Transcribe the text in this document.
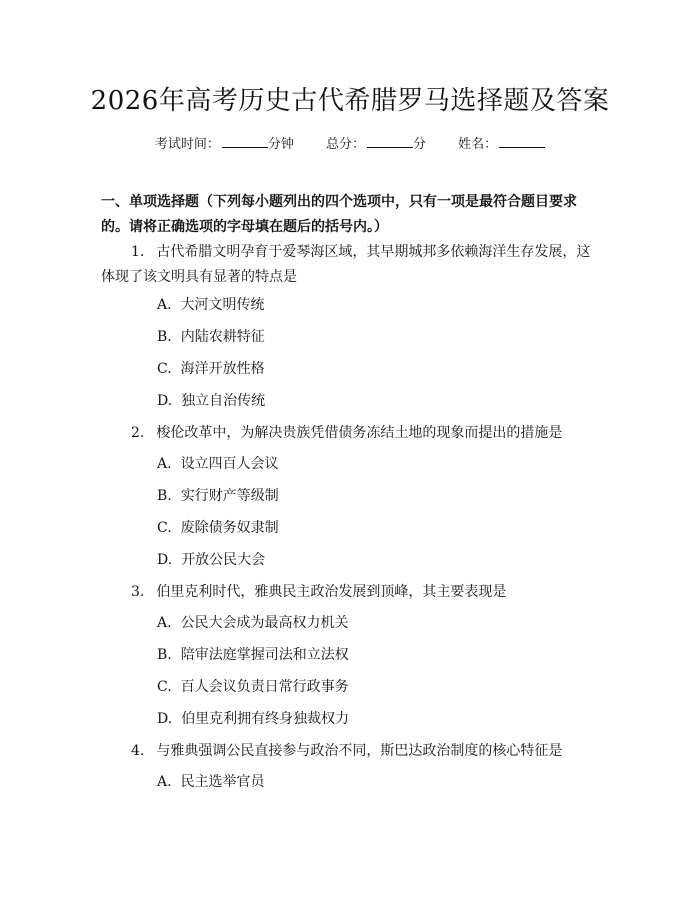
2026年高考历史古代希腊罗马选择题及答案
考试时间：	分钟 总分：	分 姓名：
一、单项选择题（下列每小题列出的四个选项中，只有一项是最符合题目要求的。请将正确选项的字母填在题后的括号内。）
1. 古代希腊文明孕育于爱琴海区域，其早期城邦多依赖海洋生存发展，这体现了该文明具有显著的特点是
A. 大河文明传统
B. 内陆农耕特征
C. 海洋开放性格
D. 独立自治传统
2. 梭伦改革中，为解决贵族凭借债务冻结土地的现象而提出的措施是
A. 设立四百人会议
B. 实行财产等级制
C. 废除债务奴隶制
D. 开放公民大会
3. 伯里克利时代，雅典民主政治发展到顶峰，其主要表现是
A. 公民大会成为最高权力机关
B. 陪审法庭掌握司法和立法权
C. 百人会议负责日常行政事务
D. 伯里克利拥有终身独裁权力
4. 与雅典强调公民直接参与政治不同，斯巴达政治制度的核心特征是
A. 民主选举官员
